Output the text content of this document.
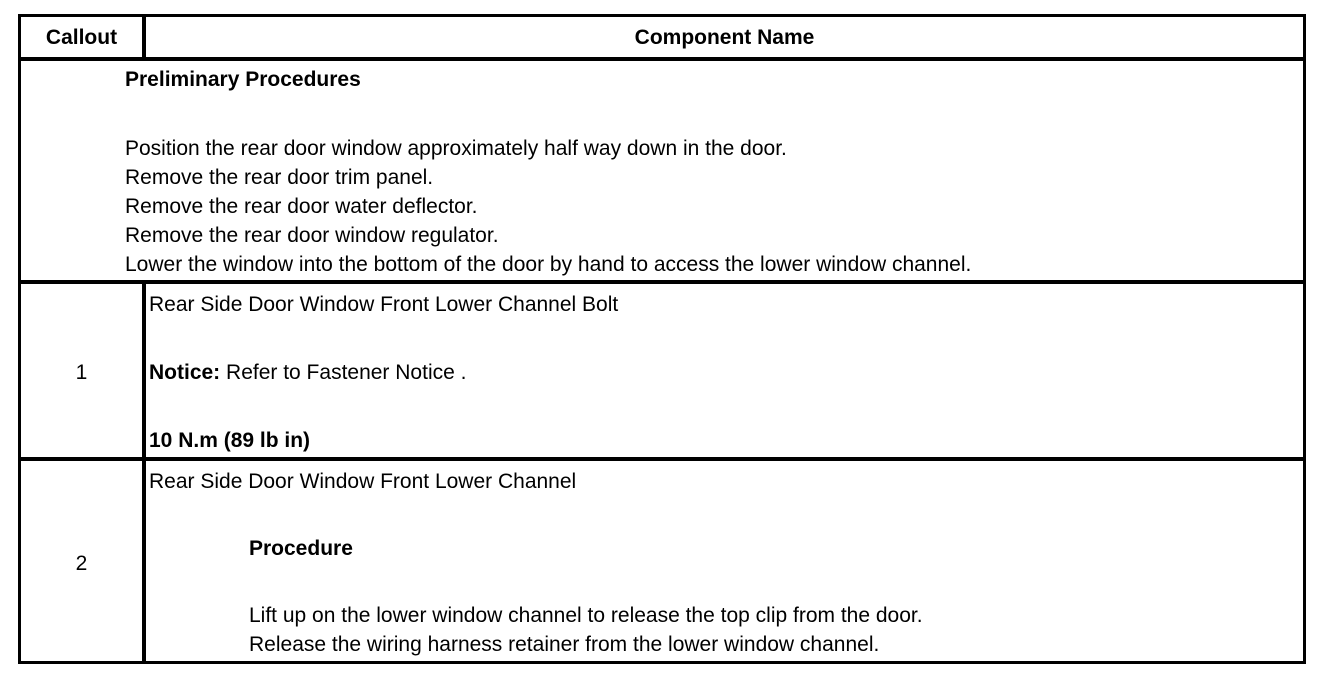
Callout	Component Name
Preliminary Procedures
Position the rear door window approximately half way down in the door.
Remove the rear door trim panel.
Remove the rear door water deflector.
Remove the rear door window regulator.
Lower the window into the bottom of the door by hand to access the lower window channel.
1
Rear Side Door Window Front Lower Channel Bolt
Notice: Refer to Fastener Notice .
10 N.m (89 lb in)
2
Rear Side Door Window Front Lower Channel
Procedure
Lift up on the lower window channel to release the top clip from the door.
Release the wiring harness retainer from the lower window channel.
